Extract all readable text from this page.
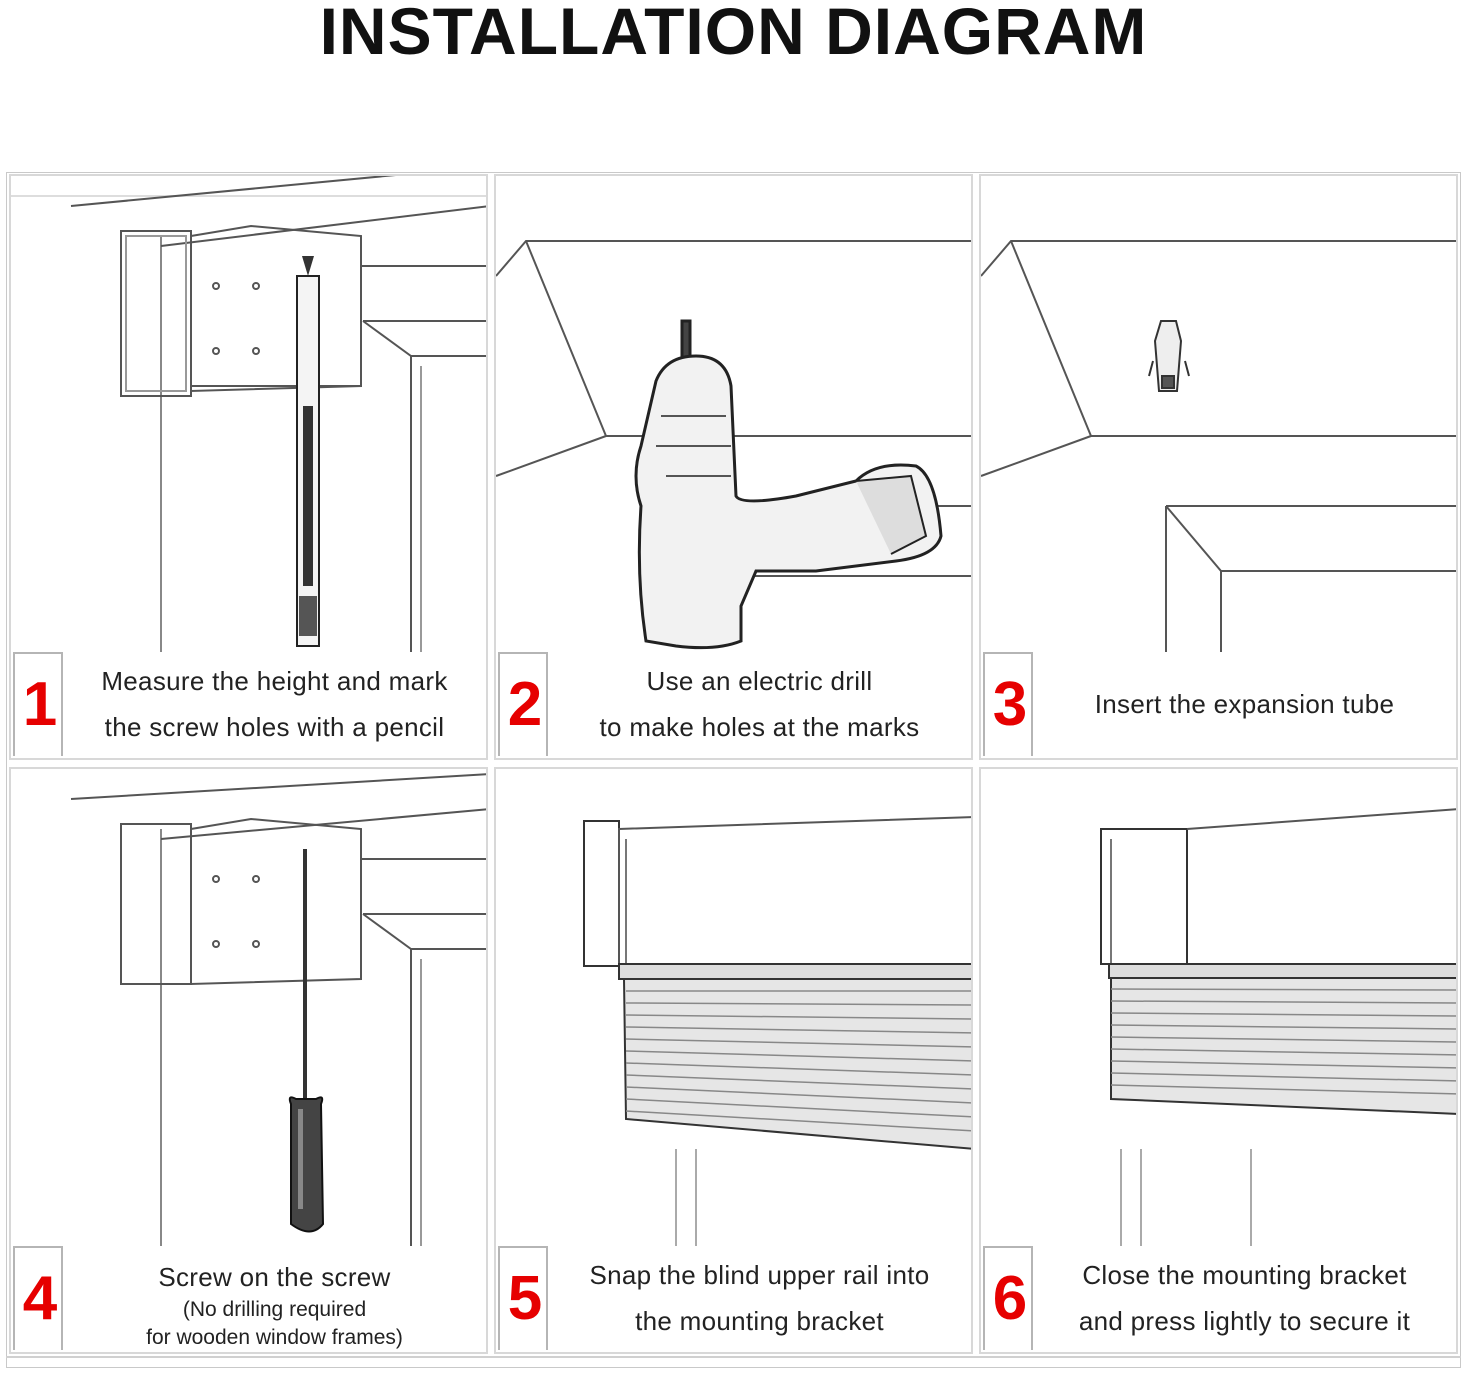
INSTALLATION DIAGRAM
1 Measure the height and mark
the screw holes with a pencil 2	Use an electric drill
to make holes at the marks 3	Insert the expansion tube
4	Screw on the screw
(No drilling required
for wooden window frames)
5 Snap the blind upper rail into
the mounting bracket 6 Close the mounting bracket
and press lightly to secure it
